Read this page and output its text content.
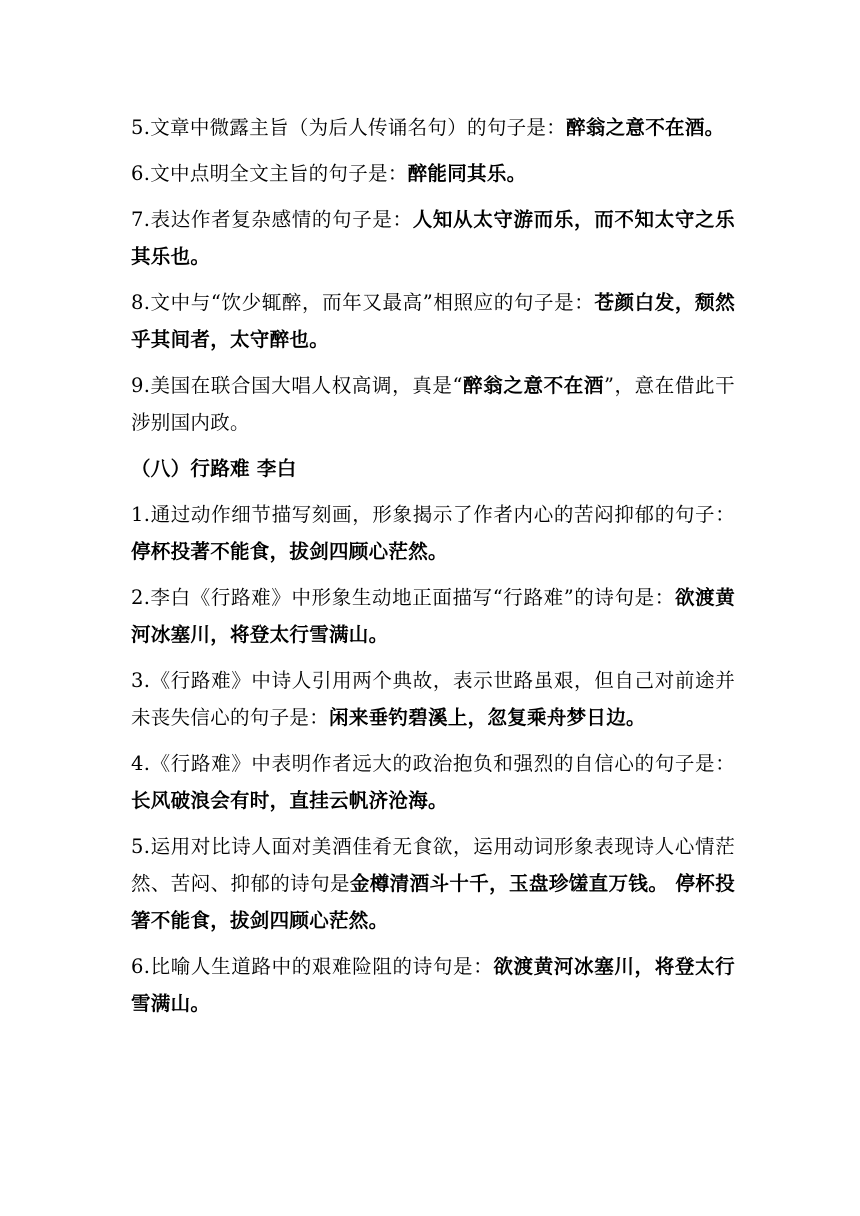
5.文章中微露主旨（为后人传诵名句）的句子是：醉翁之意不在酒。

6.文中点明全文主旨的句子是：醉能同其乐。

7.表达作者复杂感情的句子是：人知从太守游而乐，而不知太守之乐其乐也。

8.文中与“饮少辄醉，而年又最高”相照应的句子是：苍颜白发，颓然乎其间者，太守醉也。

9.美国在联合国大唱人权高调，真是“醉翁之意不在酒”，意在借此干涉别国内政。

（八）行路难 李白

1.通过动作细节描写刻画，形象揭示了作者内心的苦闷抑郁的句子：停杯投著不能食，拔剑四顾心茫然。

2.李白《行路难》中形象生动地正面描写“行路难”的诗句是：欲渡黄河冰塞川，将登太行雪满山。

3.《行路难》中诗人引用两个典故，表示世路虽艰，但自己对前途并未丧失信心的句子是：闲来垂钓碧溪上，忽复乘舟梦日边。

4.《行路难》中表明作者远大的政治抱负和强烈的自信心的句子是：长风破浪会有时，直挂云帆济沧海。

5.运用对比诗人面对美酒佳肴无食欲，运用动词形象表现诗人心情茫然、苦闷、抑郁的诗句是金樽清酒斗十千，玉盘珍馐直万钱。 停杯投箸不能食，拔剑四顾心茫然。

6.比喻人生道路中的艰难险阻的诗句是：欲渡黄河冰塞川，将登太行雪满山。
